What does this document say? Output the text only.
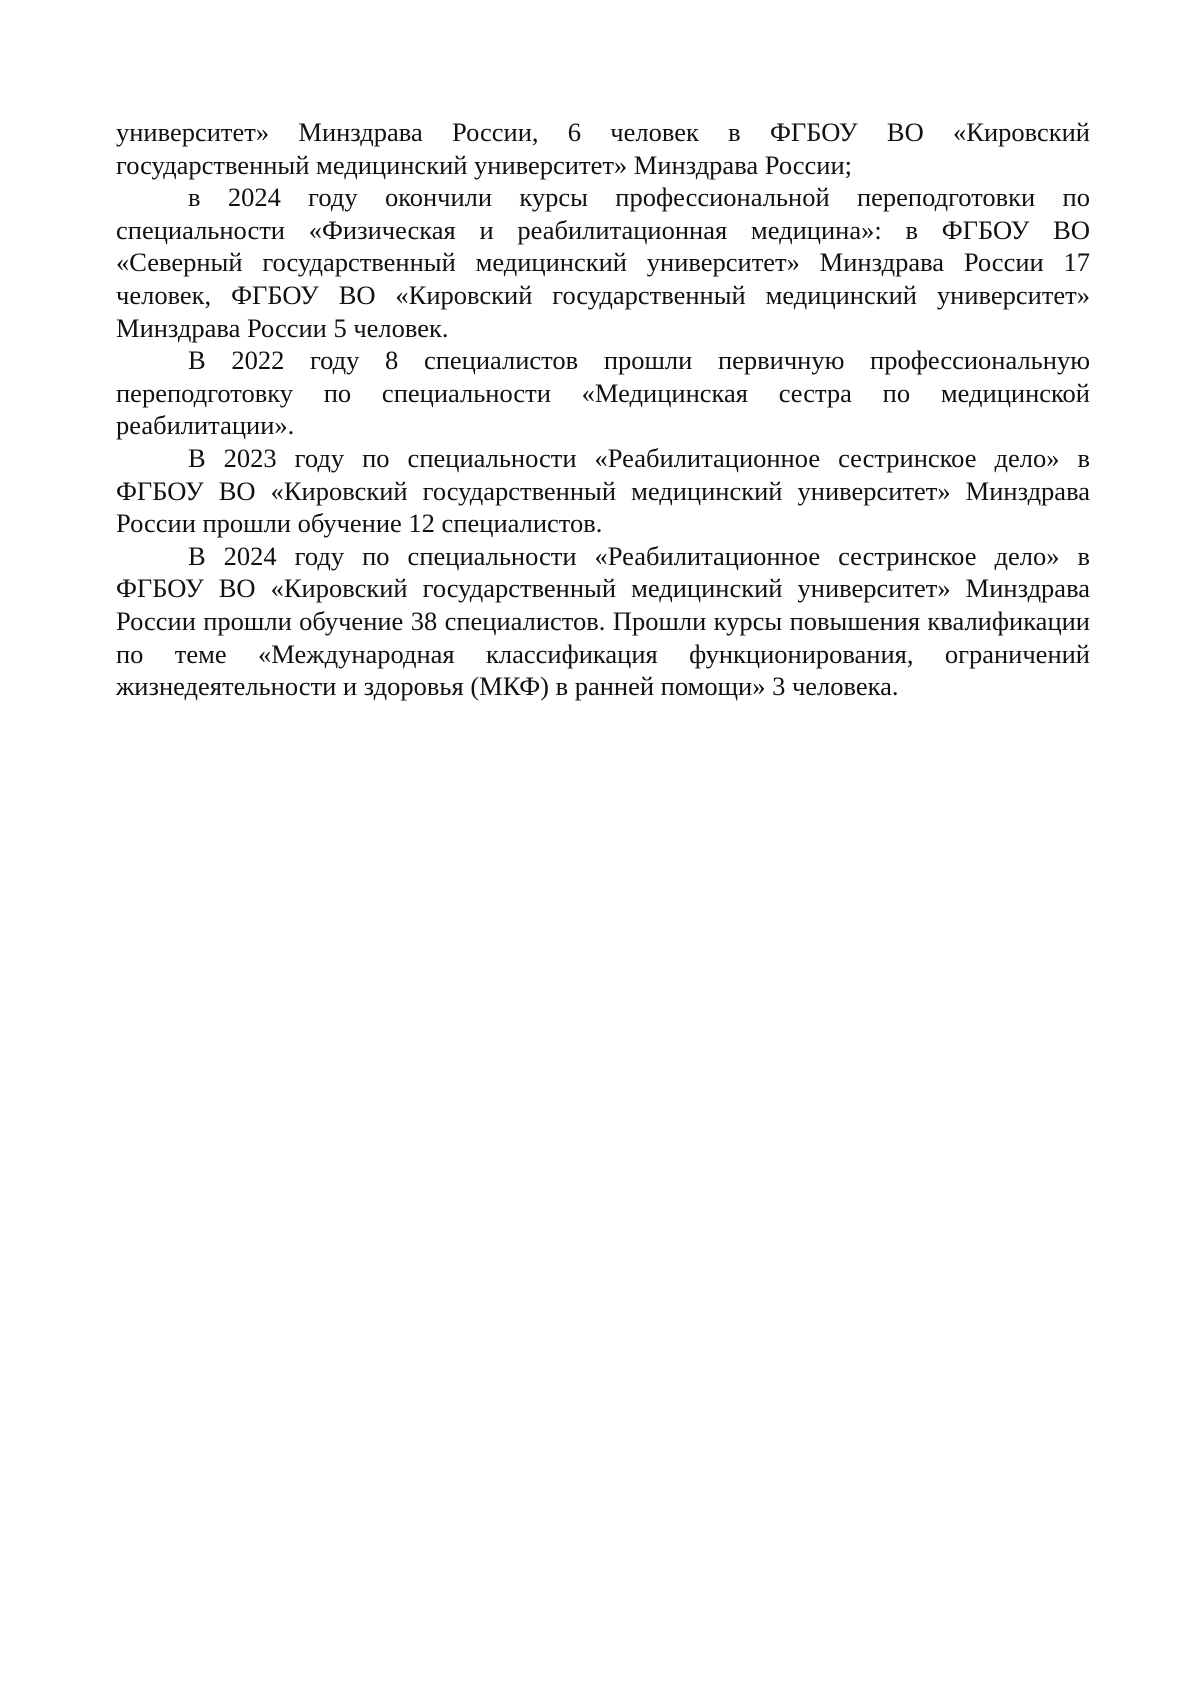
университет» Минздрава России, 6 человек в ФГБОУ ВО «Кировский государственный медицинский университет» Минздрава России;

в 2024 году окончили курсы профессиональной переподготовки по специальности «Физическая и реабилитационная медицина»: в ФГБОУ ВО «Северный государственный медицинский университет» Минздрава России 17 человек, ФГБОУ ВО «Кировский государственный медицинский университет» Минздрава России 5 человек.

В 2022 году 8 специалистов прошли первичную профессиональную переподготовку по специальности «Медицинская сестра по медицинской реабилитации».

В 2023 году по специальности «Реабилитационное сестринское дело» в ФГБОУ ВО «Кировский государственный медицинский университет» Минздрава России прошли обучение 12 специалистов.

В 2024 году по специальности «Реабилитационное сестринское дело» в ФГБОУ ВО «Кировский государственный медицинский университет» Минздрава России прошли обучение 38 специалистов. Прошли курсы повышения квалификации по теме «Международная классификация функционирования, ограничений жизнедеятельности и здоровья (МКФ) в ранней помощи» 3 человека.
